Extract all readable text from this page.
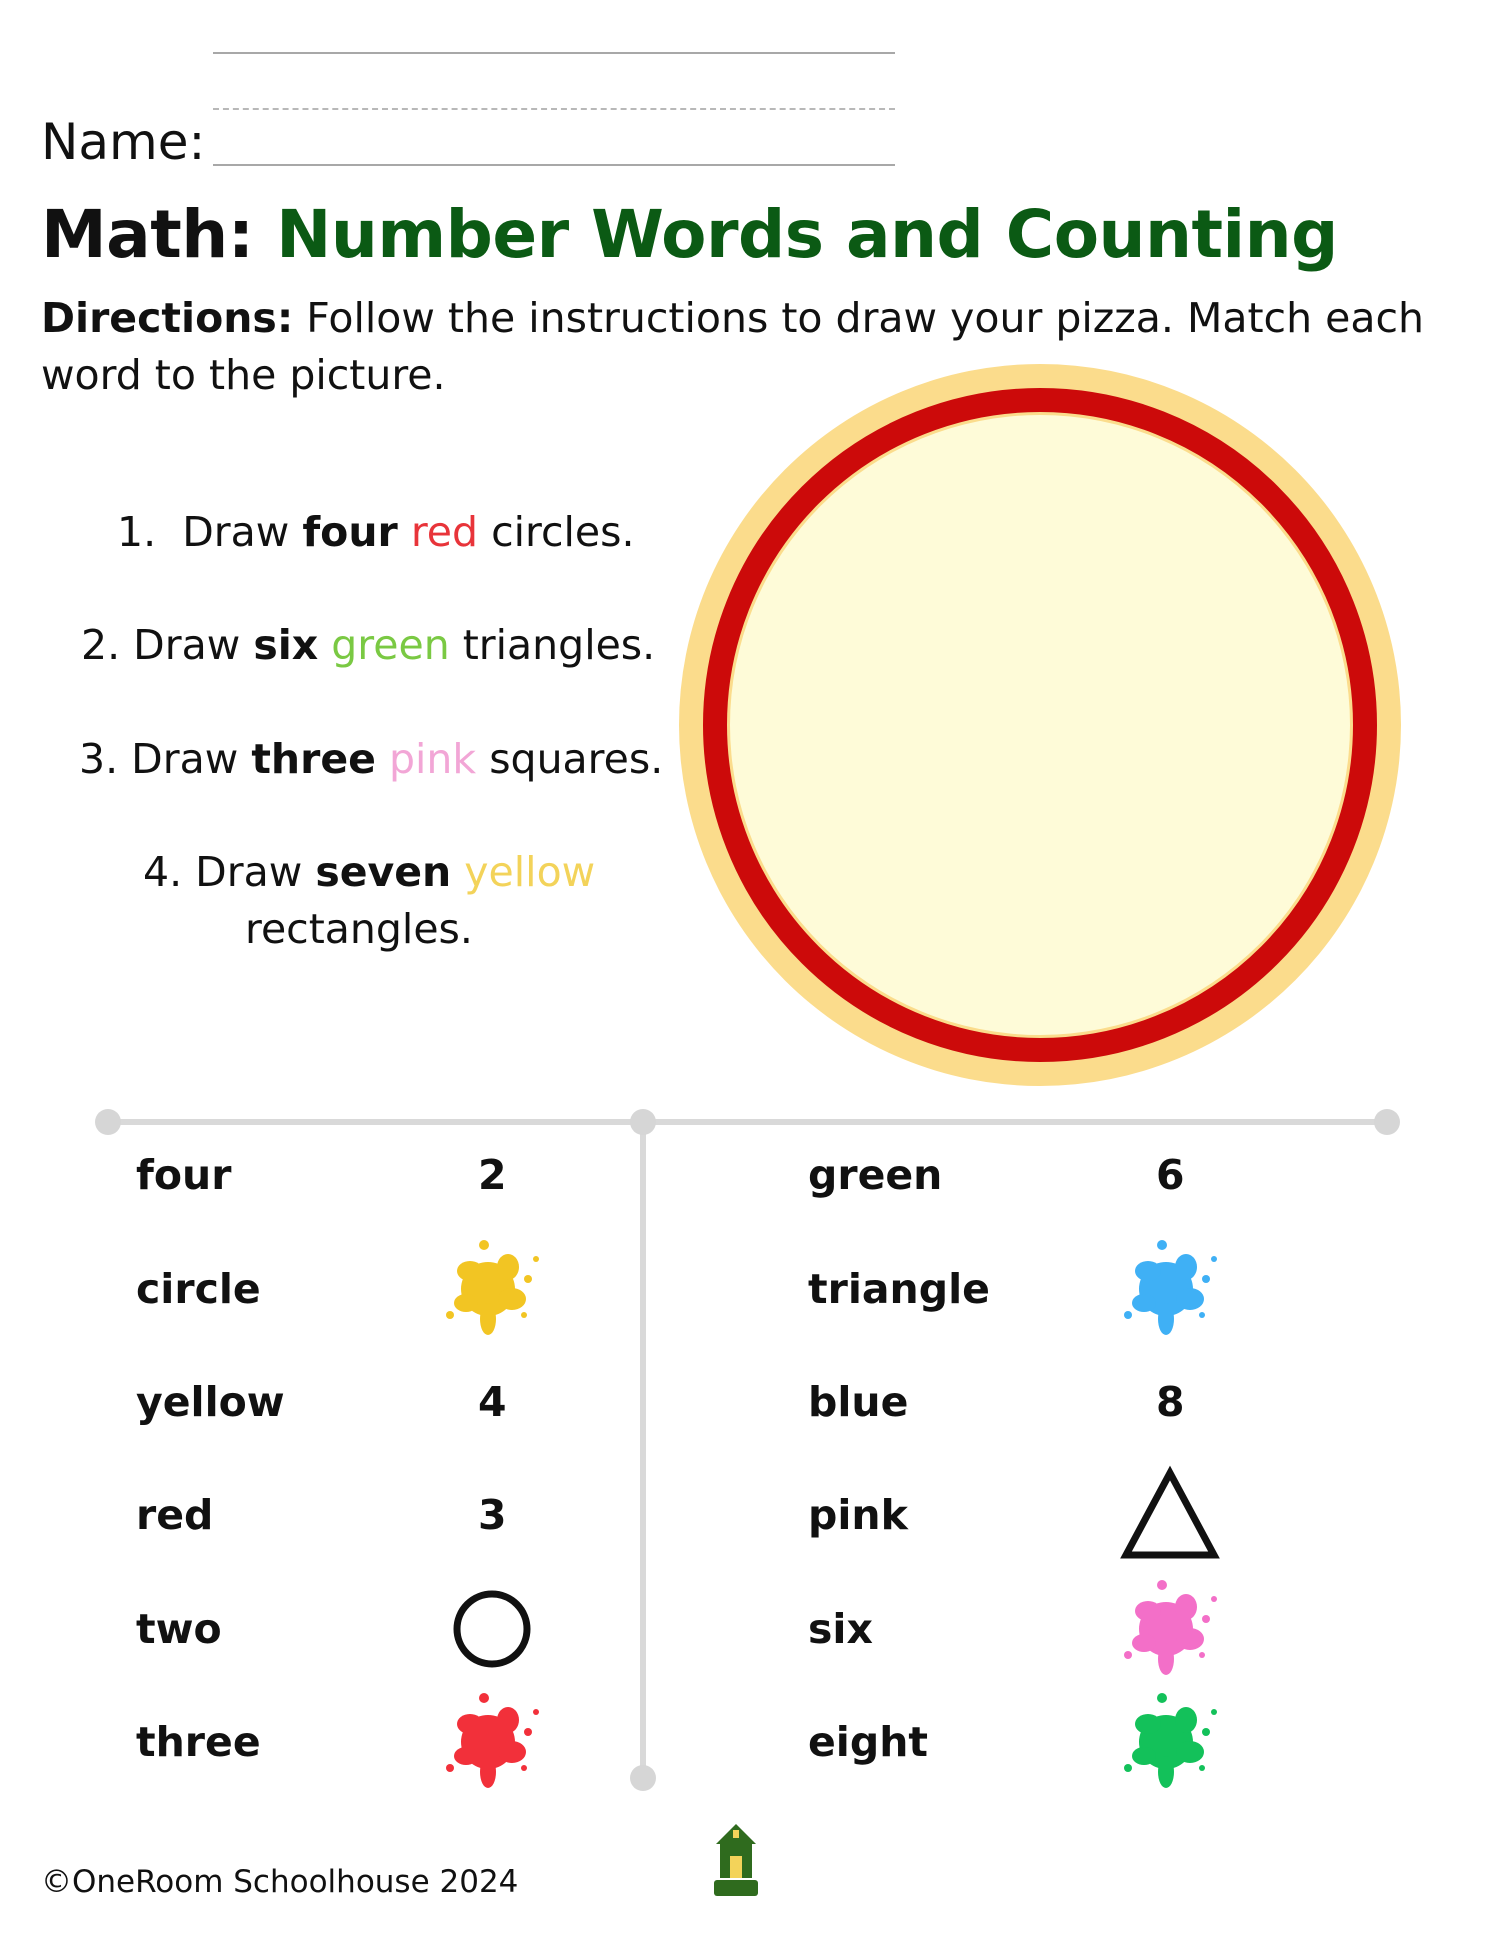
Name:
Math: Number Words and Counting
Directions: Follow the instructions to draw your pizza. Match each word to the picture.
1. Draw four red circles.
2. Draw six green triangles.
3. Draw three pink squares.
4. Draw seven yellow
rectangles.
four
circle
yellow
red
two
three
2
4
3
green
triangle
blue
pink
six
eight
6
8
©OneRoom Schoolhouse 2024
